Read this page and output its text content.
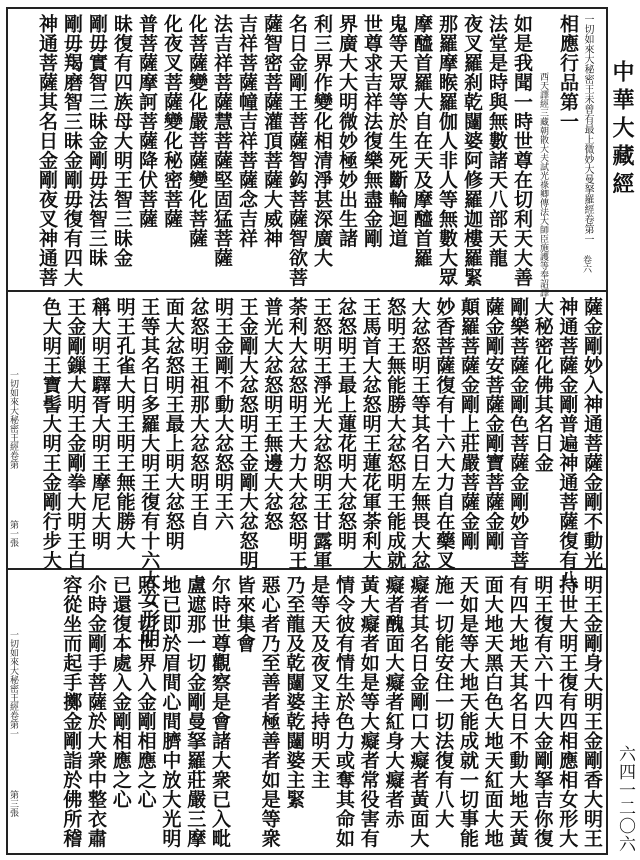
中華大藏經
六四一二〇六
一切如來大秘密王未曾有最上微妙大曼拏羅經卷第一
卷六
相應行品第一
西天譯經三藏朝散大夫試光祿卿傳法大師臣施護等奉詔譯
如是我聞一時世尊在切利天大善
法堂是時與無數諸天八部天龍
夜叉羅刹乾闥婆阿修羅迦樓羅緊
那羅摩睺羅伽人非人等無數大眾
摩醯首羅大自在天及摩醯首羅
鬼等天眾等於生死斷輪迴道
世尊求吉祥法復樂無盡金剛
界廣大大明微妙極妙出生諸
利三界作變化相清淨甚深廣大
名日金剛王菩薩智鈎菩薩智欲菩
薩智密菩薩灌頂菩薩大威神
吉祥菩薩幢吉祥菩薩念吉祥
法吉祥菩薩慧菩薩堅固猛菩薩
化菩薩變化嚴菩薩變化菩薩
化夜叉菩薩變化秘密菩薩
普菩薩摩訶菩薩降伏菩薩
昧復有四族母大明王智三昧金
剛毋實智三昧金剛毋法智三昧
剛毋羯磨智三昧金剛毋復有四大
神通菩薩其名日金剛夜叉神通菩
薩金剛妙入神通菩薩金剛不動光
神通菩薩金剛普遍神通菩薩復有八
大秘密化佛其名日金
剛樂菩薩金剛色菩薩金剛妙音菩
薩金剛安菩薩金剛寶菩薩金剛
顛羅菩薩金剛上莊嚴菩薩金剛
妙香菩薩復有十六大力自在藥叉
大忿怒明王等其名日左無畏大忿
怒明王無能勝大忿怒明王能成就
王馬首大忿怒明王蓮花軍荼利大
忿怒明王最上蓮花明大忿怒明
王怒明王淨光大忿怒明王甘露軍
荼利大忿怒明王大力大忿怒明王
普光大忿怒明王無邊大忿怒
王金剛大忿怒明王金剛大忿怒明
明王金剛不動大忿怒明王六
忿怒明王祖那大忿怒明王自
面大忿怒明王最上明大忿怒明
王等其名日多羅大明王復有十六大女形明
明王孔雀大明王明王無能勝大
稱大明王驛胥大明王摩尼大明
王金剛鏁大明王金剛拳大明王白
色大明王寶髻大明王金剛行步大
一切如來大秘密王經卷第
第一張
明王金剛身大明王金剛香大明王
持世大明王復有四相應相女形大
明王復有六十四大金剛拏吉你復
有四大地天其名日不動大地天黃
面大地天黑白色大地天紅面大地
天如是等大地天能成就一切事能
施一切能安住一切法復有八大
癡者其名日金剛口大癡者黃面大
癡者醜面大癡者紅身大癡者赤
黃大癡者如是等大癡者常役害有
情令彼有情生於色力或奪其命如
是等天及夜叉主持明天主
乃至龍及乾闥婆乾闥婆主緊
惡心者乃至善者極善者如是等衆
皆來集會
尔時世尊觀察是會諸大衆已入毗
盧遮那一切金剛曼拏羅莊嚴三摩
地已即於眉間心間臍中放大光明
照一切世界入金剛相應之心
已還復本處入金剛相應之心
尒時金剛手菩薩於大衆中整衣肅
容從坐而起手擲金剛詣於佛所稽
一切如來大秘密王經卷第一
第三張
